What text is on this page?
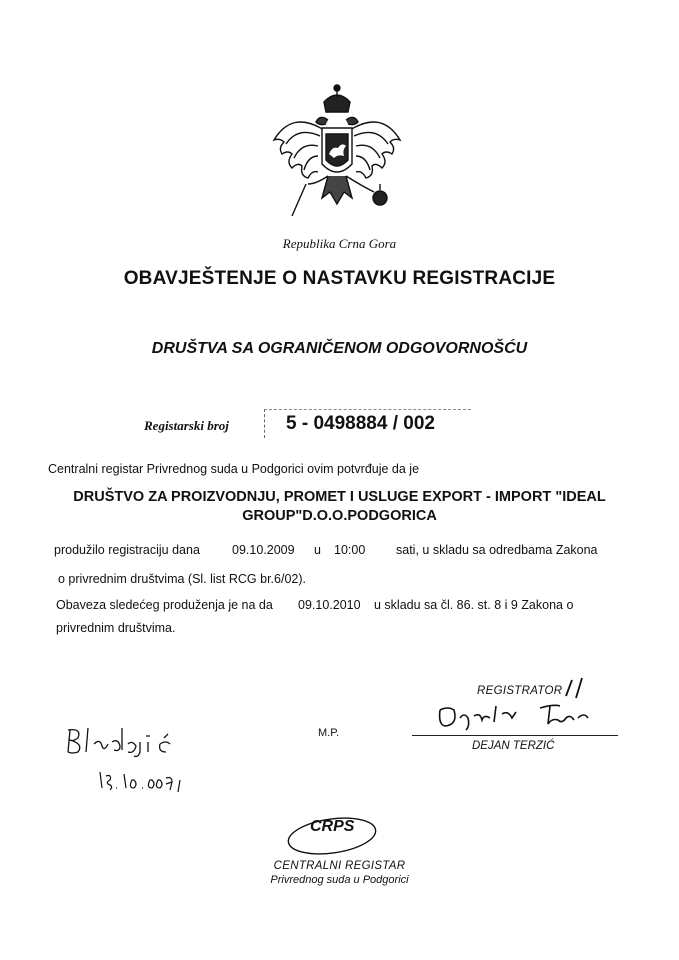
Republika Crna Gora
OBAVJEŠTENJE O NASTAVKU REGISTRACIJE
DRUŠTVA SA OGRANIČENOM ODGOVORNOŠĆU
Registarski broj	5 - 0498884 / 002
Centralni registar Privrednog suda u Podgorici ovim potvrđuje da je
DRUŠTVO ZA PROIZVODNJU, PROMET I USLUGE EXPORT - IMPORT "IDEAL GROUP"D.O.O.PODGORICA
produžilo registraciju dana	09.10.2009 u 10:00 sati, u skladu sa odredbama Zakona
o privrednim društvima (Sl. list RCG br.6/02).
Obaveza sledećeg produženja je na da 09.10.2010 u skladu sa čl. 86. st. 8 i 9 Zakona o
privrednim društvima.
REGISTRATOR
DEJAN TERZIĆ
M.P.
CRPS
CENTRALNI REGISTAR
Privrednog suda u Podgorici
